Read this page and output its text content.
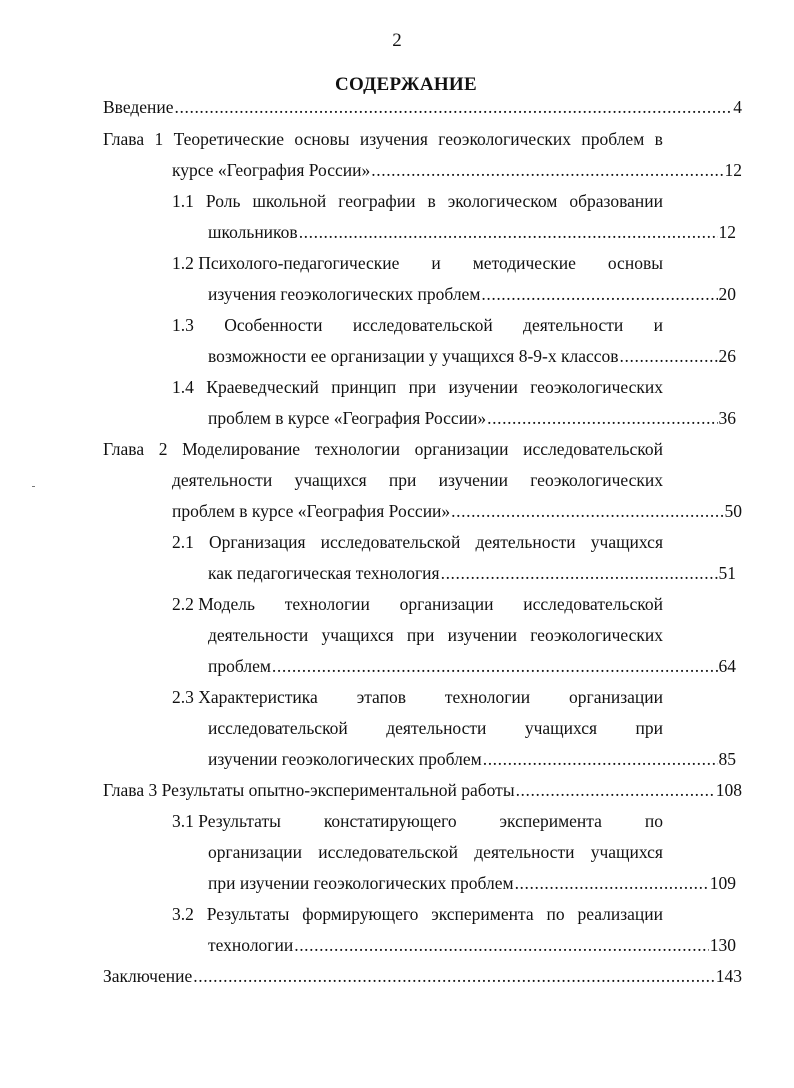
2
СОДЕРЖАНИЕ
Введение .....	4
Глава 1 Теоретические основы изучения геоэкологических проблем в
курсе «География России» .....	12
1.1 Роль школьной географии в экологическом образовании
школьников .....	12
1.2 Психолого-педагогические и методические основы
изучения геоэкологических проблем .....	20
1.3 Особенности исследовательской деятельности и
возможности ее организации у учащихся 8-9-х классов .....	26
1.4 Краеведческий принцип при изучении геоэкологических
проблем в курсе «География России» .....	36
Глава 2 Моделирование технологии организации исследовательской
деятельности учащихся при изучении геоэкологических
проблем в курсе «География России» .....	50
2.1 Организация исследовательской деятельности учащихся
как педагогическая технология .....	51
2.2 Модель технологии организации исследовательской
деятельности учащихся при изучении геоэкологических
проблем .....	64
2.3 Характеристика этапов технологии организации
исследовательской деятельности учащихся при
изучении геоэкологических проблем .....	85
Глава 3 Результаты опытно-экспериментальной работы .....	108
3.1 Результаты констатирующего эксперимента по
организации исследовательской деятельности учащихся
при изучении геоэкологических проблем .....	109
3.2 Результаты формирующего эксперимента по реализации
технологии .....	130
Заключение .....	143
